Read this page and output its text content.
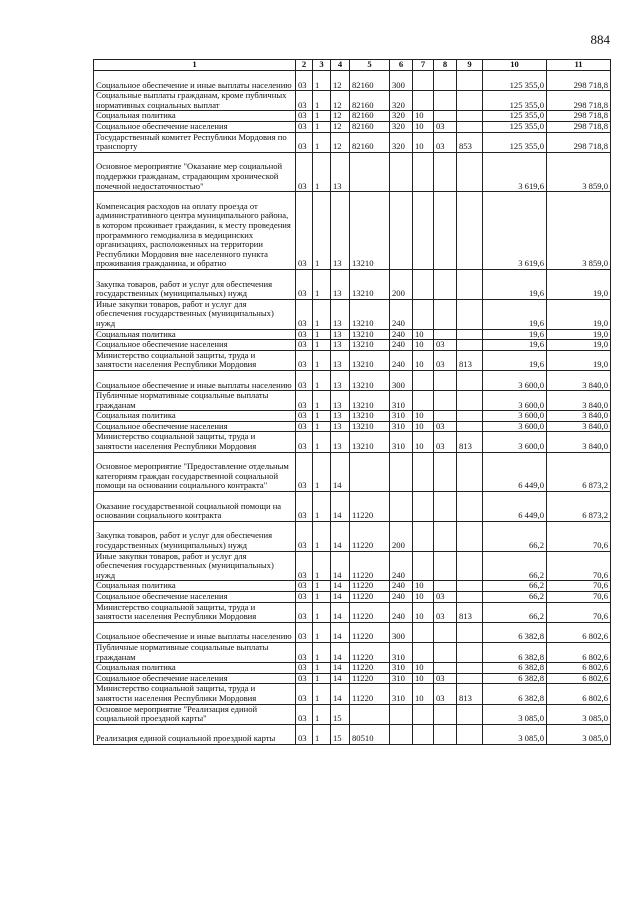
884
1	2	3	4	5	6	7	8	9	10	11
Социальное обеспечение и иные выплаты населению	03	1	12	82160	300				125 355,0	298 718,8
Социальные выплаты гражданам, кроме публичных нормативных социальных выплат	03	1	12	82160	320				125 355,0	298 718,8
Социальная политика	03	1	12	82160	320	10			125 355,0	298 718,8
Социальное обеспечение населения	03	1	12	82160	320	10	03		125 355,0	298 718,8
Государственный комитет Республики Мордовия по транспорту	03	1	12	82160	320	10	03	853	125 355,0	298 718,8
Основное мероприятие "Оказание мер социальной поддержки гражданам, страдающим хронической почечной недостаточностью"	03	1	13						3 619,6	3 859,0
Компенсация расходов на оплату проезда от административного центра муниципального района, в котором проживает гражданин, к месту проведения программного гемодиализа в медицинских организациях, расположенных на территории Республики Мордовия вне населенного пункта проживания гражданина, и обратно	03	1	13	13210					3 619,6	3 859,0
Закупка товаров, работ и услуг для обеспечения государственных (муниципальных) нужд	03	1	13	13210	200				19,6	19,0
Иные закупки товаров, работ и услуг для обеспечения государственных (муниципальных) нужд	03	1	13	13210	240				19,6	19,0
Социальная политика	03	1	13	13210	240	10			19,6	19,0
Социальное обеспечение населения	03	1	13	13210	240	10	03		19,6	19,0
Министерство социальной защиты, труда и занятости населения Республики Мордовия	03	1	13	13210	240	10	03	813	19,6	19,0
Социальное обеспечение и иные выплаты населению	03	1	13	13210	300				3 600,0	3 840,0
Публичные нормативные социальные выплаты гражданам	03	1	13	13210	310				3 600,0	3 840,0
Социальная политика	03	1	13	13210	310	10			3 600,0	3 840,0
Социальное обеспечение населения	03	1	13	13210	310	10	03		3 600,0	3 840,0
Министерство социальной защиты, труда и занятости населения Республики Мордовия	03	1	13	13210	310	10	03	813	3 600,0	3 840,0
Основное мероприятие "Предоставление отдельным категориям граждан государственной социальной помощи на основании социального контракта"	03	1	14						6 449,0	6 873,2
Оказание государственной социальной помощи на основании социального контракта	03	1	14	11220					6 449,0	6 873,2
Закупка товаров, работ и услуг для обеспечения государственных (муниципальных) нужд	03	1	14	11220	200				66,2	70,6
Иные закупки товаров, работ и услуг для обеспечения государственных (муниципальных) нужд	03	1	14	11220	240				66,2	70,6
Социальная политика	03	1	14	11220	240	10			66,2	70,6
Социальное обеспечение населения	03	1	14	11220	240	10	03		66,2	70,6
Министерство социальной защиты, труда и занятости населения Республики Мордовия	03	1	14	11220	240	10	03	813	66,2	70,6
Социальное обеспечение и иные выплаты населению	03	1	14	11220	300				6 382,8	6 802,6
Публичные нормативные социальные выплаты гражданам	03	1	14	11220	310				6 382,8	6 802,6
Социальная политика	03	1	14	11220	310	10			6 382,8	6 802,6
Социальное обеспечение населения	03	1	14	11220	310	10	03		6 382,8	6 802,6
Министерство социальной защиты, труда и занятости населения Республики Мордовия	03	1	14	11220	310	10	03	813	6 382,8	6 802,6
Основное мероприятие "Реализация единой социальной проездной карты"	03	1	15						3 085,0	3 085,0
Реализация единой социальной проездной карты	03	1	15	80510					3 085,0	3 085,0
